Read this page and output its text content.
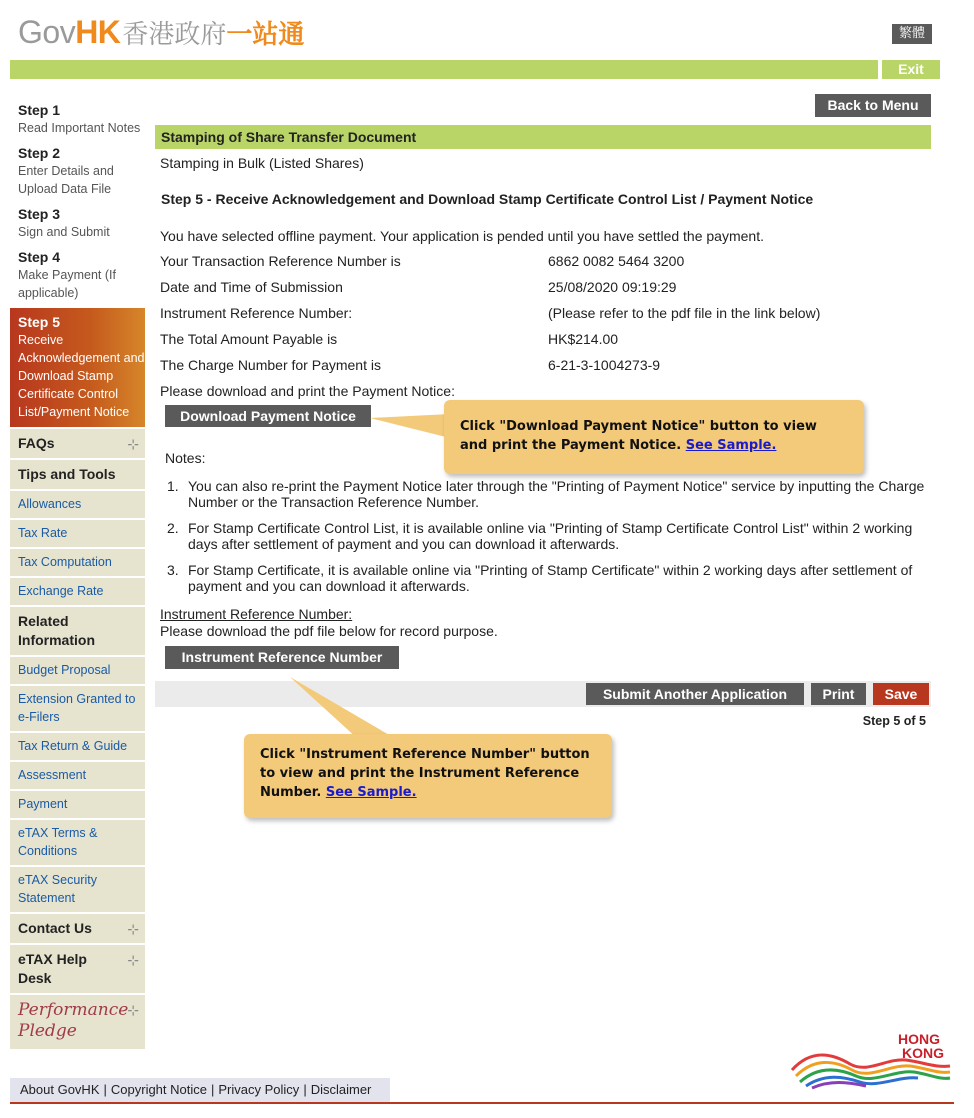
Gov HK 香港政府 一站通	繁體
Exit
Step 1
Read Important Notes
Step 2
Enter Details and Upload Data File
Step 3
Sign and Submit
Step 4
Make Payment (If applicable)
Step 5
Receive Acknowledgement and Download Stamp Certificate Control List/Payment Notice
FAQs	⊹
Tips and Tools
Allowances
Tax Rate
Tax Computation
Exchange Rate
Related Information
Budget Proposal
Extension Granted to e-Filers
Tax Return & Guide
Assessment
Payment
eTAX Terms & Conditions
eTAX Security Statement
Contact Us	⊹
eTAX Help Desk
⊹
Performance Pledge
⊹
Back to Menu
Stamping of Share Transfer Document
Stamping in Bulk (Listed Shares)
Step 5 - Receive Acknowledgement and Download Stamp Certificate Control List / Payment Notice
You have selected offline payment. Your application is pended until you have settled the payment.
Your Transaction Reference Number is	6862 0082 5464 3200
Date and Time of Submission	25/08/2020 09:19:29
Instrument Reference Number:	(Please refer to the pdf file in the link below)
The Total Amount Payable is	HK$214.00
The Charge Number for Payment is	6-21-3-1004273-9
Please download and print the Payment Notice:
Download Payment Notice
Notes:
1. You can also re-print the Payment Notice later through the "Printing of Payment Notice" service by inputting the Charge Number or the Transaction Reference Number.
2. For Stamp Certificate Control List, it is available online via "Printing of Stamp Certificate Control List" within 2 working days after settlement of payment and you can download it afterwards.
3. For Stamp Certificate, it is available online via "Printing of Stamp Certificate" within 2 working days after settlement of payment and you can download it afterwards.
Instrument Reference Number:
Please download the pdf file below for record purpose.
Instrument Reference Number
Submit Another Application	Print	Save
Step 5 of 5
Click "Download Payment Notice" button to view and print the Payment Notice. See Sample.
Click "Instrument Reference Number" button to view and print the Instrument Reference Number. See Sample.
About GovHK | Copyright Notice | Privacy Policy | Disclaimer
HONG
KONG
